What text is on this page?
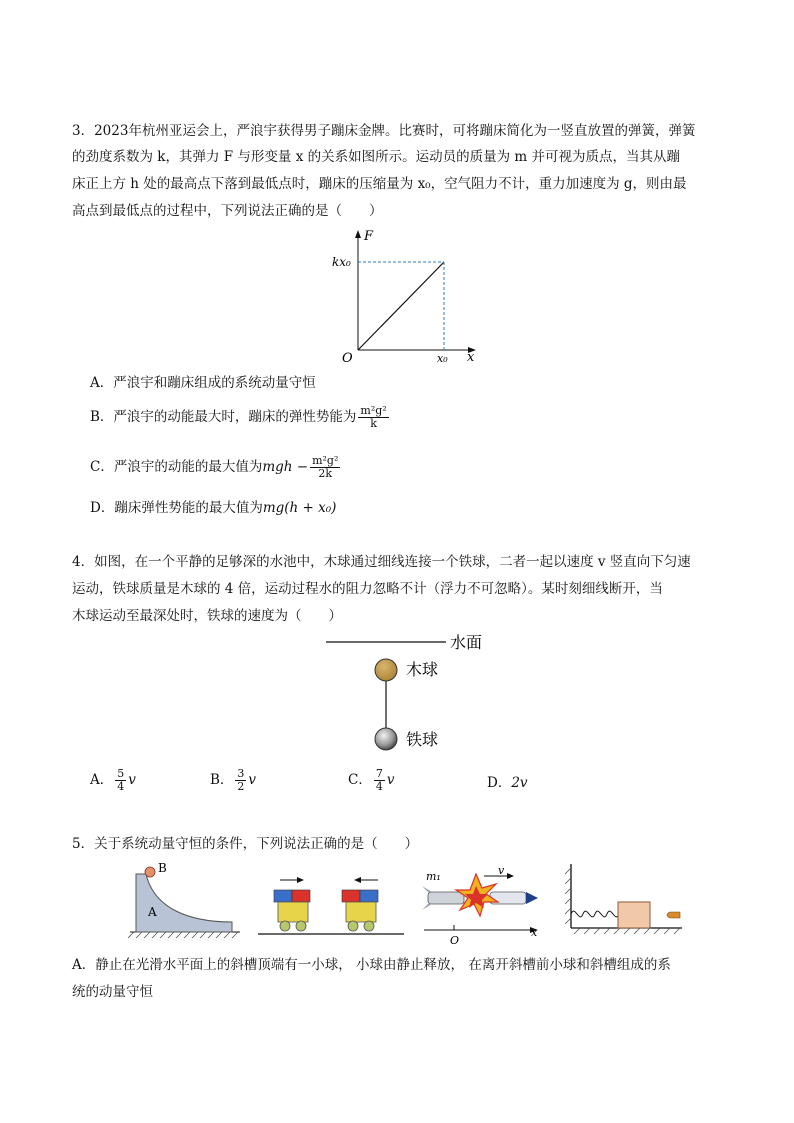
3．2023年杭州亚运会上，严浪宇获得男子蹦床金牌。比赛时，可将蹦床简化为一竖直放置的弹簧，弹簧
的劲度系数为 k，其弹力 F 与形变量 x 的关系如图所示。运动员的质量为 m 并可视为质点，当其从蹦
床正上方 h 处的最高点下落到最低点时，蹦床的压缩量为 x₀，空气阻力不计，重力加速度为 g，则由最
高点到最低点的过程中，下列说法正确的是（　　）
F
x
O
kx₀
x₀
A．严浪宇和蹦床组成的系统动量守恒
B．严浪宇的动能最大时，蹦床的弹性势能为 $\frac{\text{m²g²}}{k}$
C．严浪宇的动能的最大值为mgh − $\frac{\text{m²g²}}{2k}$
D．蹦床弹性势能的最大值为mg(h + x₀)
4．如图，在一个平静的足够深的水池中，木球通过细线连接一个铁球，二者一起以速度 v 竖直向下匀速
运动，铁球质量是木球的 4 倍，运动过程水的阻力忽略不计（浮力不可忽略）。某时刻细线断开，当
木球运动至最深处时，铁球的速度为（　　）
水面
木球
铁球
A． $\frac{5}{4}$ v	B． $\frac{3}{2}$ v	C． $\frac{7}{4}$ v	D．2v
5．关于系统动量守恒的条件，下列说法正确的是（　　）
B
A
O
x
m₁	v
A．静止在光滑水平面上的斜槽顶端有一小球， 小球由静止释放， 在离开斜槽前小球和斜槽组成的系
统的动量守恒
